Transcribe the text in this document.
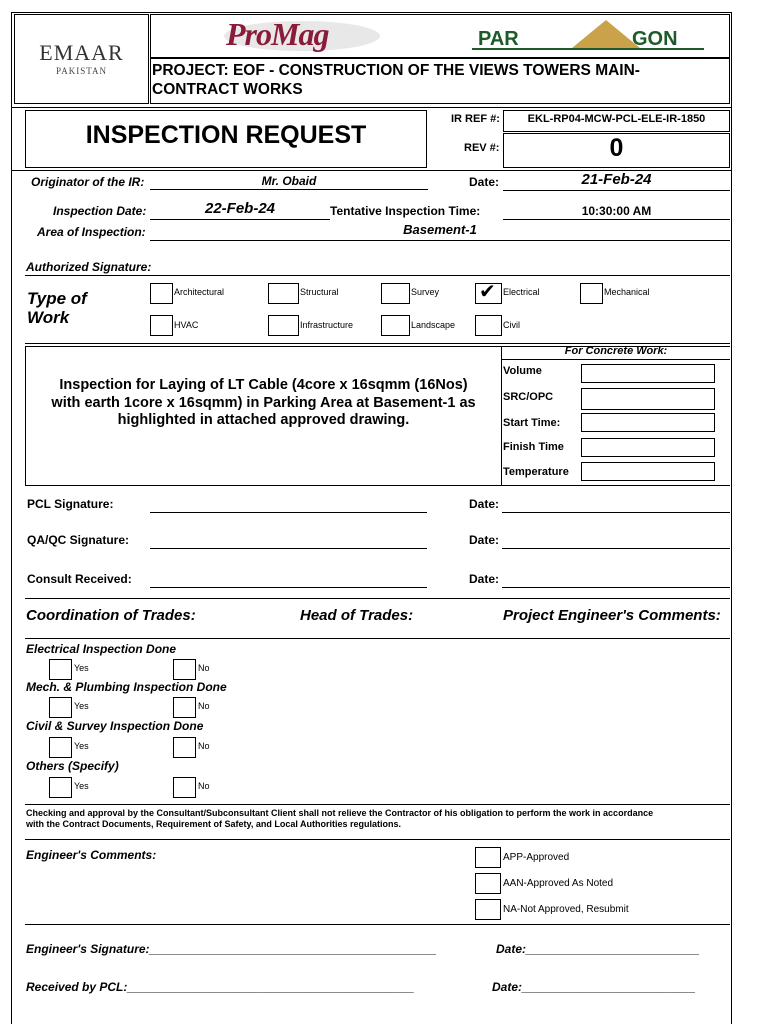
EMAAR
PAKISTAN
ProMag	PAR	GON
PROJECT: EOF - CONSTRUCTION OF THE VIEWS TOWERS MAIN-
CONTRACT WORKS
INSPECTION REQUEST
IR REF #:	EKL-RP04-MCW-PCL-ELE-IR-1850
REV #:	0
Originator of the IR:	Mr. Obaid	Date:	21-Feb-24
Inspection Date:	22-Feb-24	Tentative Inspection Time:	10:30:00 AM
Area of Inspection:	Basement-1
Authorized Signature:
Type of
Work
Architectural	Structural	Survey ✔ Electrical	Mechanical
HVAC	Infrastructure	Landscape	Civil
Inspection for Laying of LT Cable (4core x 16sqmm (16Nos)
with earth 1core x 16sqmm) in Parking Area at Basement-1 as
highlighted in attached approved drawing.
For Concrete Work:
Volume
SRC/OPC
Start Time:
Finish Time
Temperature
PCL Signature:	Date:
QA/QC Signature:	Date:
Consult Received:	Date:
Coordination of Trades:	Head of Trades:	Project Engineer's Comments:
Electrical Inspection Done
Yes	No
Mech. & Plumbing Inspection Done
Yes	No
Civil & Survey Inspection Done
Yes	No
Others (Specify)
Yes	No
Checking and approval by the Consultant/Subconsultant Client shall not relieve the Contractor of his obligation to perform the work in accordance
with the Contract Documents, Requirement of Safety, and Local Authorities regulations.
Engineer's Comments:	APP-Approved
AAN-Approved As Noted
NA-Not Approved, Resubmit
Engineer's Signature:___________________________________________	Date:__________________________
Received by PCL:___________________________________________	Date:__________________________
